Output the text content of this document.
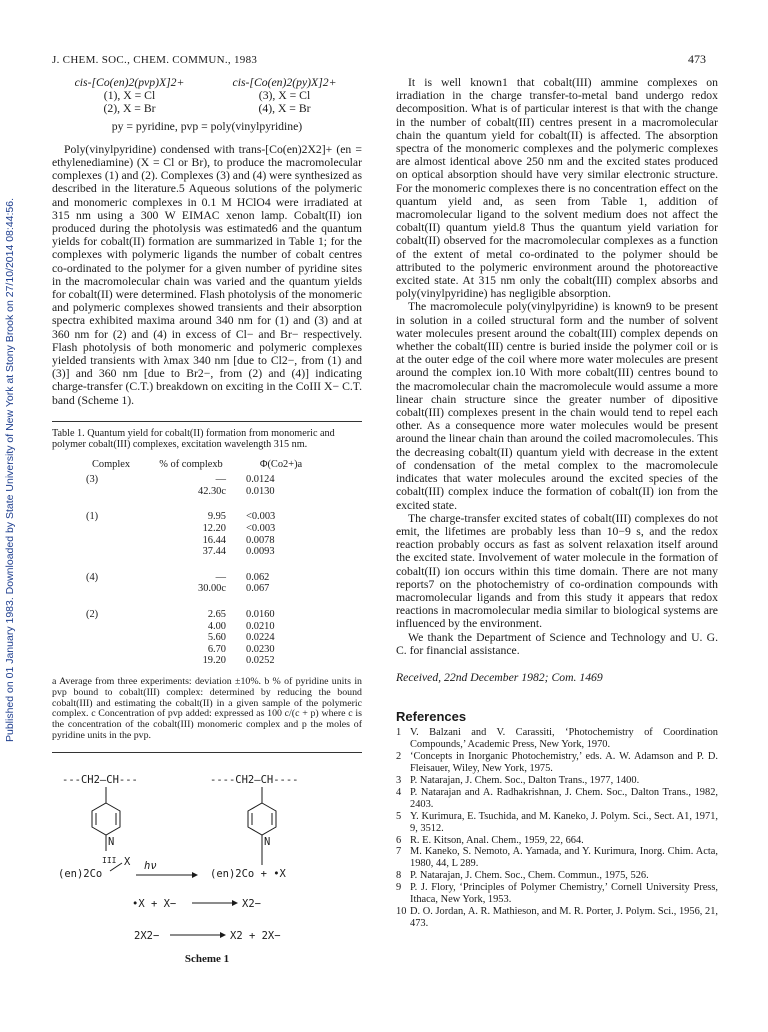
Published on 01 January 1983. Downloaded by State University of New York at Stony Brook on 27/10/2014 08:44:56.
J. CHEM. SOC., CHEM. COMMUN., 1983	473
cis-[Co(en)2(pvp)X]2+	cis-[Co(en)2(py)X]2+
(1), X = Cl	(3), X = Cl
(2), X = Br	(4), X = Br
py = pyridine, pvp = poly(vinylpyridine)

Poly(vinylpyridine) condensed with trans-[Co(en)2X2]+ (en = ethylenediamine) (X = Cl or Br), to produce the macromolecular complexes (1) and (2). Complexes (3) and (4) were synthesized as described in the literature.5 Aqueous solutions of the polymeric and monomeric complexes in 0.1 M HClO4 were irradiated at 315 nm using a 300 W EIMAC xenon lamp. Cobalt(II) ion produced during the photolysis was estimated6 and the quantum yields for cobalt(II) formation are summarized in Table 1; for the complexes with polymeric ligands the number of cobalt centres co-ordinated to the polymer for a given number of pyridine sites in the macromolecular chain was varied and the quantum yields for cobalt(II) were determined. Flash photolysis of the monomeric and polymeric complexes showed transients and their absorption spectra exhibited maxima around 340 nm for (1) and (3) and at 360 nm for (2) and (4) in excess of Cl− and Br− respectively. Flash photolysis of both monomeric and polymeric complexes yielded transients with λmax 340 nm [due to Cl2−, from (1) and (3)] and 360 nm [due to Br2−, from (2) and (4)] indicating charge-transfer (C.T.) breakdown on exciting in the CoIII X− C.T. band (Scheme 1).

Table 1. Quantum yield for cobalt(II) formation from monomeric and polymer cobalt(III) complexes, excitation wavelength 315 nm.
Complex	% of complexb	Φ(Co2+)a
(3)	—	0.0124
	42.30c	0.0130

(1)	9.95	<0.003
	12.20	<0.003
	16.44	0.0078
	37.44	0.0093

(4)	—	0.062
	30.00c	0.067

(2)	2.65	0.0160
	4.00	0.0210
	5.60	0.0224
	6.70	0.0230
	19.20	0.0252
a Average from three experiments: deviation ±10%. b % of pyridine units in pvp bound to cobalt(III) complex: determined by reducing the bound cobalt(III) and estimating the cobalt(II) in a given sample of the polymeric complex. c Concentration of pvp added: expressed as 100 c/(c + p) where c is the concentration of the cobalt(III) monomeric complex and p the moles of pyridine units in the pvp.
---CH2—CH---
N
III
(en)2Co
X hν
----CH2—CH----
N
(en)2Co + •X
•X + X−	X2−
2X2−	X2 + 2X−
Scheme 1

It is well known1 that cobalt(III) ammine complexes on irradiation in the charge transfer-to-metal band undergo redox decomposition. What is of particular interest is that with the change in the number of cobalt(III) centres present in a macromolecular chain the quantum yield for cobalt(II) is affected. The absorption spectra of the monomeric complexes and the polymeric complexes are almost identical above 250 nm and the excited states produced on optical absorption should have very similar electronic structure. For the monomeric complexes there is no concentration effect on the quantum yield and, as seen from Table 1, addition of macromolecular ligand to the solvent medium does not affect the cobalt(II) quantum yield.8 Thus the quantum yield variation for cobalt(II) observed for the macromolecular complexes as a function of the extent of metal co-ordinated to the polymer should be attributed to the polymeric environment around the photoreactive excited state. At 315 nm only the cobalt(III) complex absorbs and poly(vinylpyridine) has negligible absorption.

The macromolecule poly(vinylpyridine) is known9 to be present in solution in a coiled structural form and the number of solvent water molecules present around the cobalt(III) complex depends on whether the cobalt(III) centre is buried inside the polymer coil or is at the outer edge of the coil where more water molecules are present around the complex ion.10 With more cobalt(III) centres bound to the macromolecular chain the macromolecule would assume a more linear chain structure since the greater number of dipositive cobalt(III) complexes present in the chain would tend to repel each other. As a consequence more water molecules would be present around the linear chain than around the coiled macromolecules. This the decreasing cobalt(II) quantum yield with decrease in the extent of condensation of the metal complex to the macromolecule indicates that water molecules around the excited species of the cobalt(III) complex induce the formation of cobalt(II) ion from the excited state.

The charge-transfer excited states of cobalt(III) complexes do not emit, the lifetimes are probably less than 10−9 s, and the redox reaction probably occurs as fast as solvent relaxation itself around the excited state. Involvement of water molecule in the formation of cobalt(II) ion occurs within this time domain. There are not many reports7 on the photochemistry of co-ordination compounds with macromolecular ligands and from this study it appears that redox reactions in macromolecular media similar to biological systems are influenced by the environment.

We thank the Department of Science and Technology and U. G. C. for financial assistance.

Received, 22nd December 1982; Com. 1469

References
1 V. Balzani and V. Carassiti, ‘Photochemistry of Coordination Compounds,’ Academic Press, New York, 1970.
2 ‘Concepts in Inorganic Photochemistry,’ eds. A. W. Adamson and P. D. Fleisauer, Wiley, New York, 1975.
3 P. Natarajan, J. Chem. Soc., Dalton Trans., 1977, 1400.
4 P. Natarajan and A. Radhakrishnan, J. Chem. Soc., Dalton Trans., 1982, 2403.
5 Y. Kurimura, E. Tsuchida, and M. Kaneko, J. Polym. Sci., Sect. A1, 1971, 9, 3512.
6 R. E. Kitson, Anal. Chem., 1959, 22, 664.
7 M. Kaneko, S. Nemoto, A. Yamada, and Y. Kurimura, Inorg. Chim. Acta, 1980, 44, L 289.
8 P. Natarajan, J. Chem. Soc., Chem. Commun., 1975, 526.
9 P. J. Flory, ‘Principles of Polymer Chemistry,’ Cornell University Press, Ithaca, New York, 1953.
10 D. O. Jordan, A. R. Mathieson, and M. R. Porter, J. Polym. Sci., 1956, 21, 473.
